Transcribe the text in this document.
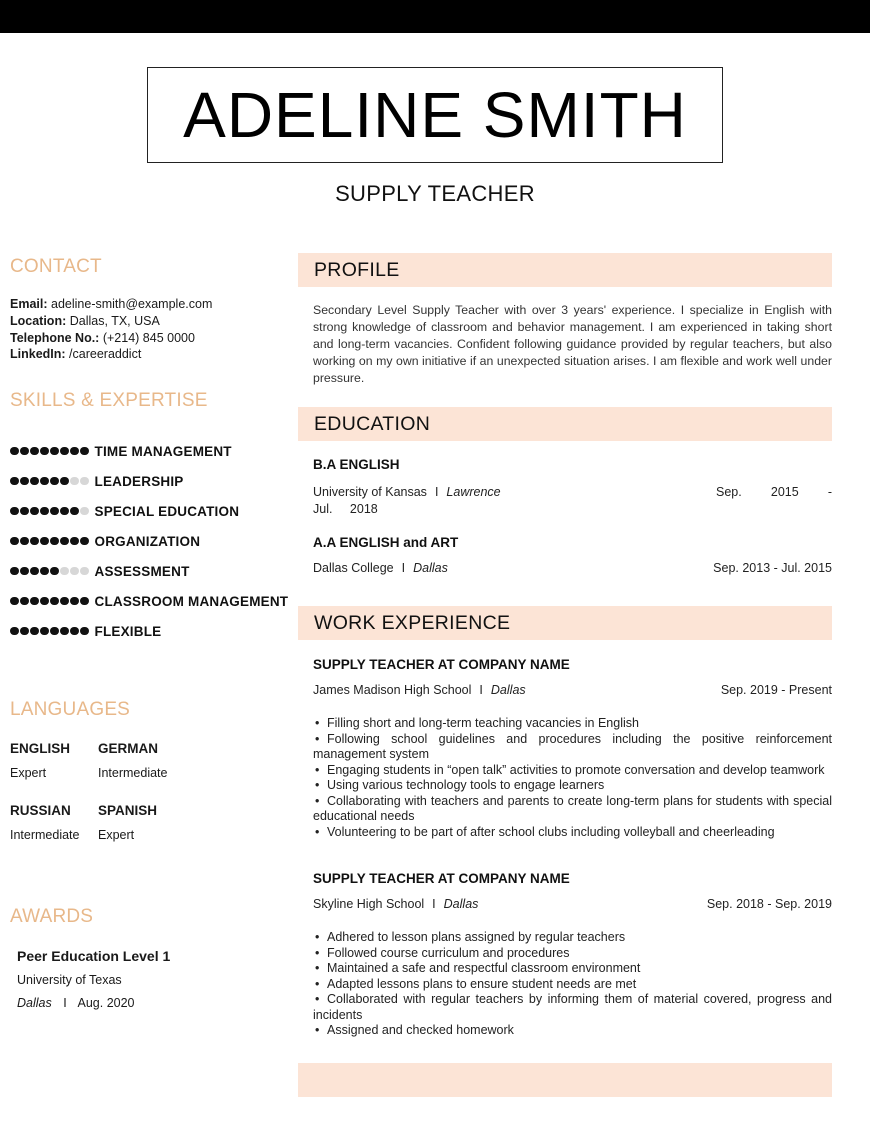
ADELINE SMITH
SUPPLY TEACHER
CONTACT
Email: adeline-smith@example.com
Location: Dallas, TX, USA
Telephone No.: (+214) 845 0000
LinkedIn: /careeraddict
SKILLS & EXPERTISE
TIME MANAGEMENT
LEADERSHIP
SPECIAL EDUCATION
ORGANIZATION
ASSESSMENT
CLASSROOM MANAGEMENT
FLEXIBLE
LANGUAGES
ENGLISH
Expert
GERMAN
Intermediate
RUSSIAN
Intermediate
SPANISH
Expert
AWARDS
Peer Education Level 1
University of Texas
Dallas I Aug. 2020
PROFILE
Secondary Level Supply Teacher with over 3 years' experience. I specialize in English with strong knowledge of classroom and behavior management. I am experienced in taking short and long-term vacancies. Confident following guidance provided by regular teachers, but also working on my own initiative if an unexpected situation arises. I am flexible and work well under pressure.
EDUCATION
B.A ENGLISH
University of Kansas I Lawrence	Sep. 2015 - Jul. 2018
A.A ENGLISH and ART
Dallas College I Dallas	Sep. 2013 - Jul. 2015
WORK EXPERIENCE
SUPPLY TEACHER AT COMPANY NAME
James Madison High School I Dallas	Sep. 2019 - Present
• Filling short and long-term teaching vacancies in English
• Following school guidelines and procedures including the positive reinforcement management system
• Engaging students in “open talk” activities to promote conversation and develop teamwork
• Using various technology tools to engage learners
• Collaborating with teachers and parents to create long-term plans for students with special educational needs
• Volunteering to be part of after school clubs including volleyball and cheerleading
SUPPLY TEACHER AT COMPANY NAME
Skyline High School I Dallas	Sep. 2018 - Sep. 2019
• Adhered to lesson plans assigned by regular teachers
• Followed course curriculum and procedures
• Maintained a safe and respectful classroom environment
• Adapted lessons plans to ensure student needs are met
• Collaborated with regular teachers by informing them of material covered, progress and incidents
• Assigned and checked homework
